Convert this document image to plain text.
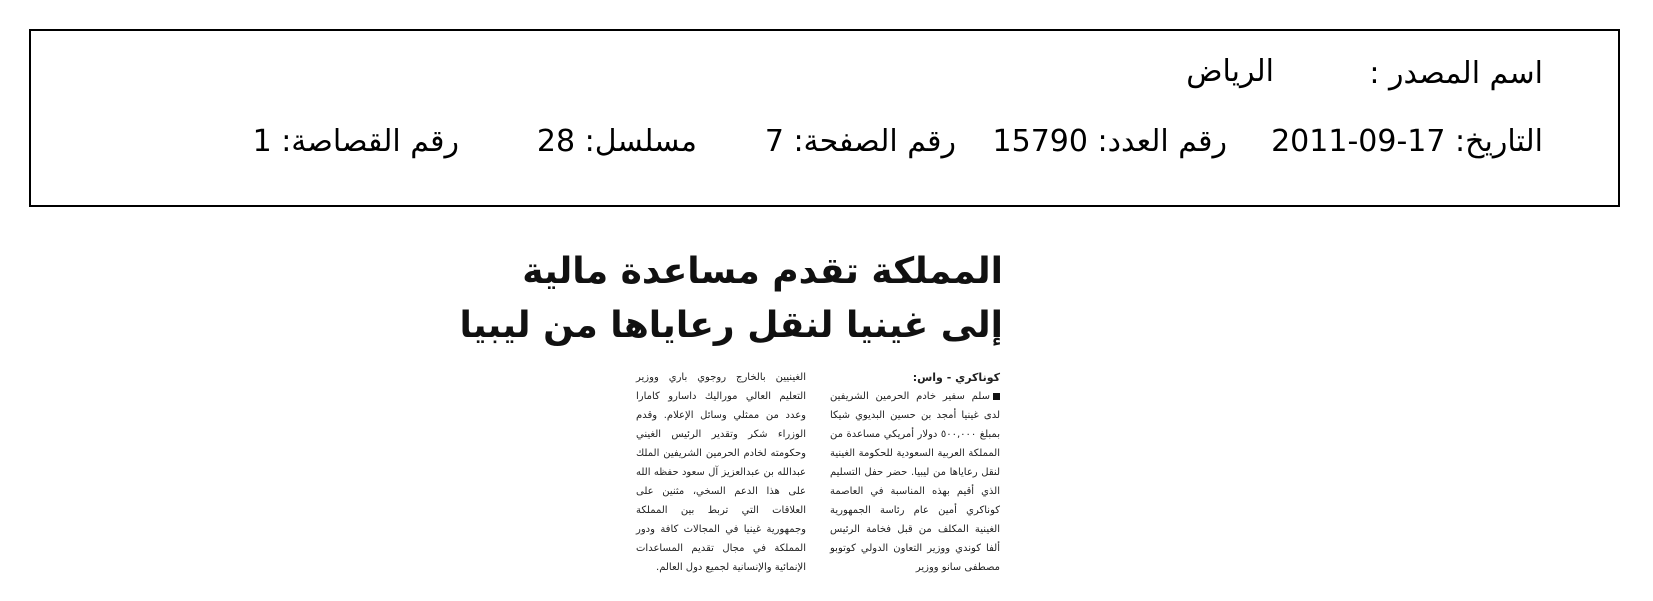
اسم المصدر :
الرياض
التاريخ: 17-09-2011
رقم العدد: 15790
رقم الصفحة: 7
مسلسل: 28
رقم القصاصة: 1
المملكة تقدم مساعدة مالية
إلى غينيا لنقل رعاياها من ليبيا
كوناكري - واس:
سلم سفير خادم الحرمين الشريفين لدى غينيا أمجد بن حسين البديوي شيكا بمبلغ ٥٠٠,٠٠٠ دولار أمريكي مساعدة من المملكة العربية السعودية للحكومة الغينية لنقل رعاياها من ليبيا. حضر حفل التسليم الذي أقيم بهذه المناسبة في العاصمة كوناكري أمين عام رئاسة الجمهورية الغينية المكلف من قبل فخامة الرئيس ألفا كوندي ووزير التعاون الدولي كوتوبو مصطفى سانو ووزير
الغينيين بالخارج روجوي باري ووزير التعليم العالي موراليك داسارو كامارا وعدد من ممثلي وسائل الإعلام. وقدم الوزراء شكر وتقدير الرئيس الغيني وحكومته لخادم الحرمين الشريفين الملك عبدالله بن عبدالعزيز آل سعود حفظه الله على هذا الدعم السخي، مثنين على العلاقات التي تربط بين المملكة وجمهورية غينيا في المجالات كافة ودور المملكة في مجال تقديم المساعدات الإنمائية والإنسانية لجميع دول العالم.
